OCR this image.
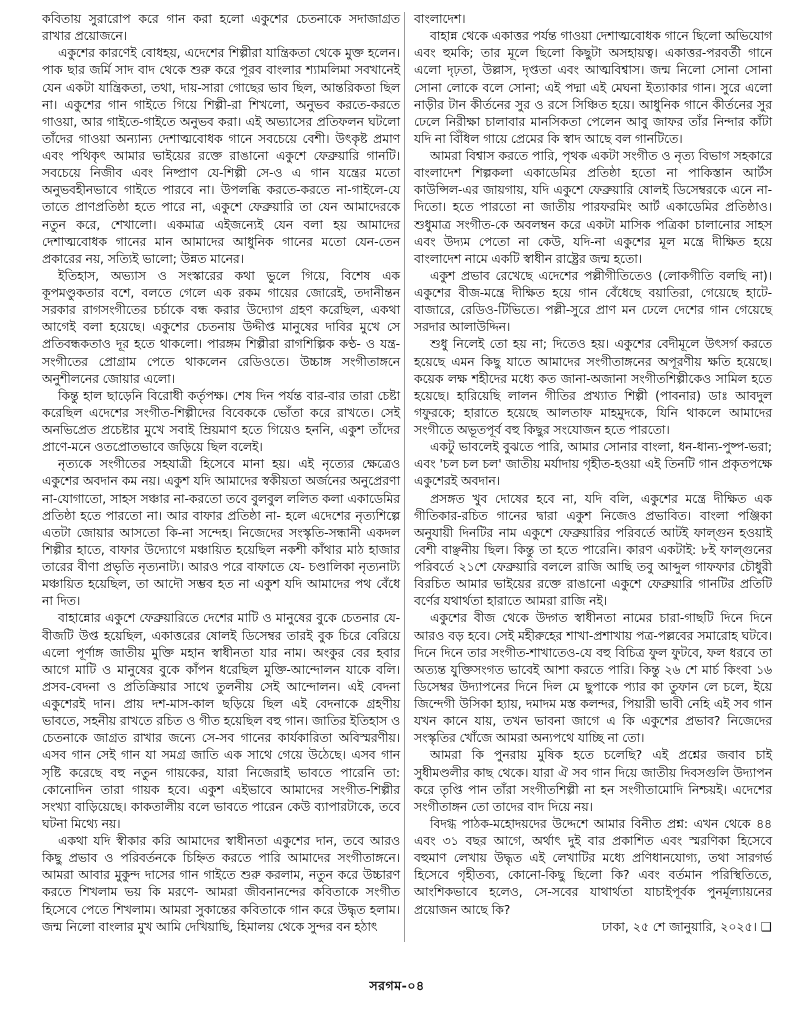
কবিতায় সুরারোপ করে গান করা হলো একুশের চেতনাকে সদাজাগ্রত রাখার প্রয়োজনে।

একুশের কারণেই বোধহয়, এদেশের শিল্পীরা যান্ত্রিকতা থেকে মুক্ত হলেন। পাক ছার জর্মি সাদ বাদ থেকে শুরু করে পূরব বাংলার শ্যামলিমা সবখানেই যেন একটা যান্ত্রিকতা, তথা, দায়-সারা গোছের ভাব ছিল, আন্তরিকতা ছিল না। একুশের গান গাইতে গিয়ে শিল্পী-রা শিখলো, অনুভব করতে-করতে গাওয়া, আর গাইতে-গাইতে অনুভব করা। এই অভ্যাসের প্রতিফলন ঘটলো তাঁদের গাওয়া অন্যান্য দেশাত্মবোধক গানে সবচেয়ে বেশী। উৎকৃষ্ট প্রমাণ এবং পথিকৃৎ আমার ভাইয়ের রক্তে রাঙানো একুশে ফেব্রুয়ারি গানটি। সবচেয়ে নিজীব এবং নিষ্প্রাণ যে-শিল্পী সে-ও এ গান যন্ত্রের মতো অনুভবহীনভাবে গাইতে পারবে না। উপলব্ধি করতে-করতে না-গাইলে-যে তাতে প্রাণপ্রতিষ্ঠা হতে পারে না, একুশে ফেব্রুয়ারি তা যেন আমাদেরকে নতুন করে, শেখালো। একমাত্র এইজন্যেই যেন বলা হয় আমাদের দেশাত্মবোধক গানের মান আমাদের আধুনিক গানের মতো যেন-তেন প্রকারের নয়, সত্যিই ভালো; উন্নত মানের।

ইতিহাস, অভ্যাস ও সংস্কারের কথা ভুলে গিয়ে, বিশেষ এক কূপমণ্ডুকতার বশে, বলতে গেলে এক রকম গায়ের জোরেই, তদানীন্তন সরকার রাগসংগীতের চর্চাকে বন্ধ করার উদ্যোগ গ্রহণ করেছিল, একথা আগেই বলা হয়েছে। একুশের চেতনায় উদ্দীপ্ত মানুষের দাবির মুখে সে প্রতিবন্ধকতাও দূর হতে থাকলো। পারঙ্গম শিল্পীরা রাগশিল্পিক কণ্ঠ- ও যন্ত্র-সংগীতের প্রোগ্রাম পেতে থাকলেন রেডিওতে। উচ্চাঙ্গ সংগীতাঙ্গনে অনুশীলনের জোয়ার এলো।

কিন্তু হাল ছাড়েনি বিরোধী কর্তৃপক্ষ। শেষ দিন পর্যন্ত বার-বার তারা চেষ্টা করেছিল এদেশের সংগীত-শিল্পীদের বিবেককে ভোঁতা করে রাখতে। সেই অনভিপ্রেত প্রচেষ্টার মুখে সবাই ম্রিয়মাণ হতে গিয়েও হননি, একুশ তাঁদের প্রাণে-মনে ওতপ্রোতভাবে জড়িয়ে ছিল বলেই।

নৃত্যকে সংগীতের সহযাত্রী হিসেবে মানা হয়। এই নৃত্যের ক্ষেত্রেও একুশের অবদান কম নয়। একুশ যদি আমাদের স্বকীয়তা অর্জনের অনুপ্রেরণা না-যোগাতো, সাহস সঞ্চার না-করতো তবে বুলবুল ললিত কলা একাডেমির প্রতিষ্ঠা হতে পারতো না। আর বাফার প্রতিষ্ঠা না- হলে এদেশের নৃত্যশিল্পে এতটা জোয়ার আসতো কি-না সন্দেহ। নিজেদের সংস্কৃতি-সন্ধানী একদল শিল্পীর হাতে, বাফার উদ্যোগে মঞ্চায়িত হয়েছিল নকশী কাঁথার মাঠ হাজার তারের বীণা প্রভৃতি নৃত্যনাট্য। আরও পরে বাফাতে যে- চণ্ডালিকা নৃত্যনাট্য মঞ্চায়িত হয়েছিল, তা আদৌ সম্ভব হত না একুশ যদি আমাদের পথ বেঁধে না দিত।

বাহান্নোর একুশে ফেব্রুয়ারিতে দেশের মাটি ও মানুষের বুকে চেতনার যে-বীজটি উপ্ত হয়েছিল, একাত্তরের ষোলই ডিসেম্বর তারই বুক চিরে বেরিয়ে এলো পূর্ণাঙ্গ জাতীয় মুক্তি মহান স্বাধীনতা যার নাম। অংকুর বের হবার আগে মাটি ও মানুষের বুকে কাঁপন ধরেছিল মুক্তি-আন্দোলন যাকে বলি। প্রসব-বেদনা ও প্রতিক্রিয়ার সাথে তুলনীয় সেই আন্দোলন। এই বেদনা একুশেরই দান। প্রায় দশ-মাস-কাল ছড়িয়ে ছিল এই বেদনাকে গ্রহণীয় ভাবতে, সহনীয় রাখতে রচিত ও গীত হয়েছিল বহু গান। জাতির ইতিহাস ও চেতনাকে জাগ্রত রাখার জন্যে সে-সব গানের কার্যকারিতা অবিস্মরণীয়। এসব গান সেই গান যা সমগ্র জাতি এক সাথে গেয়ে উঠেছে। এসব গান সৃষ্টি করেছে বহু নতুন গায়কের, যারা নিজেরাই ভাবতে পারেনি তা: কোনোদিন তারা গায়ক হবে। একুশ এইভাবে আমাদের সংগীত-শিল্পীর সংখ্যা বাড়িয়েছে। কাকতালীয় বলে ভাবতে পারেন কেউ ব্যাপারটাকে, তবে ঘটনা মিথ্যে নয়।

একথা যদি স্বীকার করি আমাদের স্বাধীনতা একুশের দান, তবে আরও কিছু প্রভাব ও পরিবর্তনকে চিহ্নিত করতে পারি আমাদের সংগীতাঙ্গনে। আমরা আবার মুকুন্দ দাসের গান গাইতে শুরু করলাম, নতুন করে উচ্চারণ করতে শিখলাম ভয় কি মরণে- আমরা জীবনানন্দের কবিতাকে সংগীত হিসেবে পেতে শিখলাম। আমরা সুকান্তের কবিতাকে গান করে উদ্ধৃত হলাম। জন্ম নিলো বাংলার মুখ আমি দেখিয়াছি, হিমালয় থেকে সুন্দর বন হঠাৎ

বাংলাদেশ।

বাহান্ন থেকে একাত্তর পর্যন্ত গাওয়া দেশাত্মবোধক গানে ছিলো অভিযোগ এবং হুমকি; তার মূলে ছিলো কিছুটা অসহায়ত্ব। একাত্তর-পরবর্তী গানে এলো দৃঢ়তা, উল্লাস, দৃপ্ততা এবং আত্মবিশ্বাস। জন্ম নিলো সোনা সোনা সোনা লোকে বলে সোনা; এই পদ্মা এই মেঘনা ইত্যাকার গান। সুরে এলো নাড়ীর টান কীর্তনের সুর ও রসে সিঞ্চিত হয়ে। আধুনিক গানে কীর্তনের সুর ঢেলে নিরীক্ষা চালাবার মানসিকতা পেলেন আবু জাফর তাঁর নিন্দার কাঁটা যদি না বিঁধিল গায়ে প্রেমের কি স্বাদ আছে বল গানটিতে।

আমরা বিশ্বাস করতে পারি, পৃথক একটা সংগীত ও নৃত্য বিভাগ সহকারে বাংলাদেশ শিল্পকলা একাডেমির প্রতিষ্ঠা হতো না পাকিস্তান আর্টস কাউন্সিল-এর জায়গায়, যদি একুশে ফেব্রুয়ারি ষোলই ডিসেম্বরকে এনে না-দিতো। হতে পারতো না জাতীয় পারফরমিং আর্ট একাডেমির প্রতিষ্ঠাও। শুধুমাত্র সংগীত-কে অবলম্বন করে একটা মাসিক পত্রিকা চালানোর সাহস এবং উদ্যম পেতো না কেউ, যদি-না একুশের মূল মন্ত্রে দীক্ষিত হয়ে বাংলাদেশ নামে একটি স্বাধীন রাষ্ট্রের জন্ম হতো।

একুশ প্রভাব রেখেছে এদেশের পল্লীগীতিতেও (লোকগীতি বলছি না)। একুশের বীজ-মন্ত্রে দীক্ষিত হয়ে গান বেঁধেছে বয়াতিরা, গেয়েছে হাটে-বাজারে, রেডিও-টিভিতে। পল্লী-সুরে প্রাণ মন ঢেলে দেশের গান গেয়েছে সরদার আলাউদ্দিন।

শুধু নিলেই তো হয় না; দিতেও হয়। একুশের বেদীমূলে উৎসর্গ করতে হয়েছে এমন কিছু যাতে আমাদের সংগীতাঙ্গনের অপূরণীয় ক্ষতি হয়েছে। কয়েক লক্ষ শহীদের মধ্যে কত জানা-অজানা সংগীতশিল্পীকেও সামিল হতে হয়েছে। হারিয়েছি লালন গীতির প্রখ্যাত শিল্পী (পাবনার) ডাঃ আবদুল গফুরকে; হারাতে হয়েছে আলতাফ মাহমুদকে, যিনি থাকলে আমাদের সংগীতে অভূতপূর্ব বহু কিছুর সংযোজন হতে পারতো।

একটু ভাবলেই বুঝতে পারি, আমার সোনার বাংলা, ধন-ধান্য-পুষ্প-ভরা; এবং 'চল চল চল' জাতীয় মর্যাদায় গৃহীত-হওয়া এই তিনটি গান প্রকৃতপক্ষে একুশেরই অবদান।

প্রসঙ্গত খুব দোষের হবে না, যদি বলি, একুশের মন্ত্রে দীক্ষিত এক গীতিকার-রচিত গানের দ্বারা একুশ নিজেও প্রভাবিত। বাংলা পঞ্জিকা অনুযায়ী দিনটির নাম একুশে ফেব্রুয়ারির পরিবর্তে আটই ফাল্গুন হওয়াই বেশী বাঞ্ছনীয় ছিল। কিন্তু তা হতে পারেনি। কারণ একটাই: ৮ই ফাল্গুনের পরিবর্তে ২১শে ফেব্রুয়ারি বললে রাজি আছি তবু আব্দুল গাফফার চৌধুরী বিরচিত আমার ভাইয়ের রক্তে রাঙানো একুশে ফেব্রুয়ারি গানটির প্রতিটি বর্ণের যথার্থতা হারাতে আমরা রাজি নই।

একুশের বীজ থেকে উদ্গত স্বাধীনতা নামের চারা-গাছটি দিনে দিনে আরও বড় হবে। সেই মহীরুহের শাখা-প্রশাখায় পত্র-পল্লবের সমারোহ ঘটবে। দিনে দিনে তার সংগীত-শাখাতেও-যে বহু বিচিত্র ফুল ফুটবে, ফল ধরবে তা অত্যন্ত যুক্তিসংগত ভাবেই আশা করতে পারি। কিন্তু ২৬ শে মার্চ কিংবা ১৬ ডিসেম্বর উদ্যাপনের দিনে দিল মে ছুপাকে প্যার কা তুফান লে চলে, ইয়ে জিন্দেগী উসিকা হ্যায়, দমাদম মস্ত কলন্দর, পিয়ারী ভাবী নেহি এই সব গান যখন কানে যায়, তখন ভাবনা জাগে এ কি একুশের প্রভাব? নিজেদের সংস্কৃতির খোঁজে আমরা অন্যপথে যাচ্ছি না তো।

আমরা কি পুনরায় মুষিক হতে চলেছি? এই প্রশ্নের জবাব চাই সুধীমণ্ডলীর কাছ থেকে। যারা ঐ সব গান দিয়ে জাতীয় দিবসগুলি উদ্যাপন করে তৃপ্তি পান তাঁরা সংগীতশিল্পী না হন সংগীতামোদি নিশ্চয়ই। এদেশের সংগীতাঙ্গন তো তাদের বাদ দিয়ে নয়।

বিদগ্ধ পাঠক-মহোদয়দের উদ্দেশে আমার বিনীত প্রশ্ন: এখন থেকে ৪৪ এবং ৩১ বছর আগে, অর্থাৎ দুই বার প্রকাশিত এবং স্মরণিকা হিসেবে বহুমাণ লেখায় উদ্ধৃত এই লেখাটির মধ্যে প্রণিধানযোগ্য, তথা সারগর্ভ হিসেবে গৃহীতব্য, কোনো-কিছু ছিলো কি? এবং বর্তমান পরিস্থিতিতে, আংশিকভাবে হলেও, সে-সবের যাথার্থতা যাচাইপূর্বক পুনর্মূল্যায়নের প্রয়োজন আছে কি?

ঢাকা, ২৫ শে জানুয়ারি, ২০২৫। ❑
সরগম-০৪
